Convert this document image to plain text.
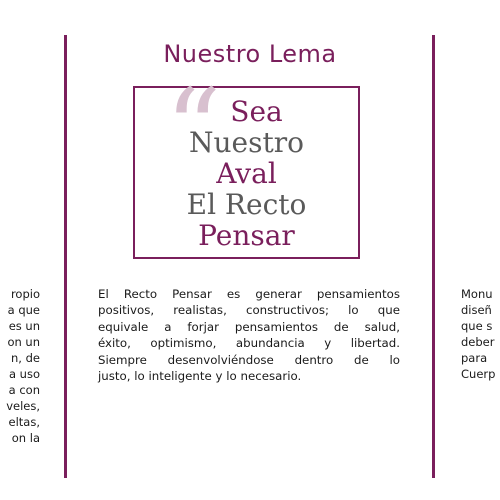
ropio
a que
es un
on un
n, de
a uso
a con
veles,
eltas,
on la
Nuestro Lema
“ Sea
Nuestro
Aval
El Recto
Pensar
El Recto Pensar es generar pensamientos
positivos, realistas, constructivos; lo que
equivale a forjar pensamientos de salud,
éxito, optimismo, abundancia y libertad.
Siempre desenvolviéndose dentro de lo
justo, lo inteligente y lo necesario.
Monu
diseñ
que s
deber
para
Cuerp
